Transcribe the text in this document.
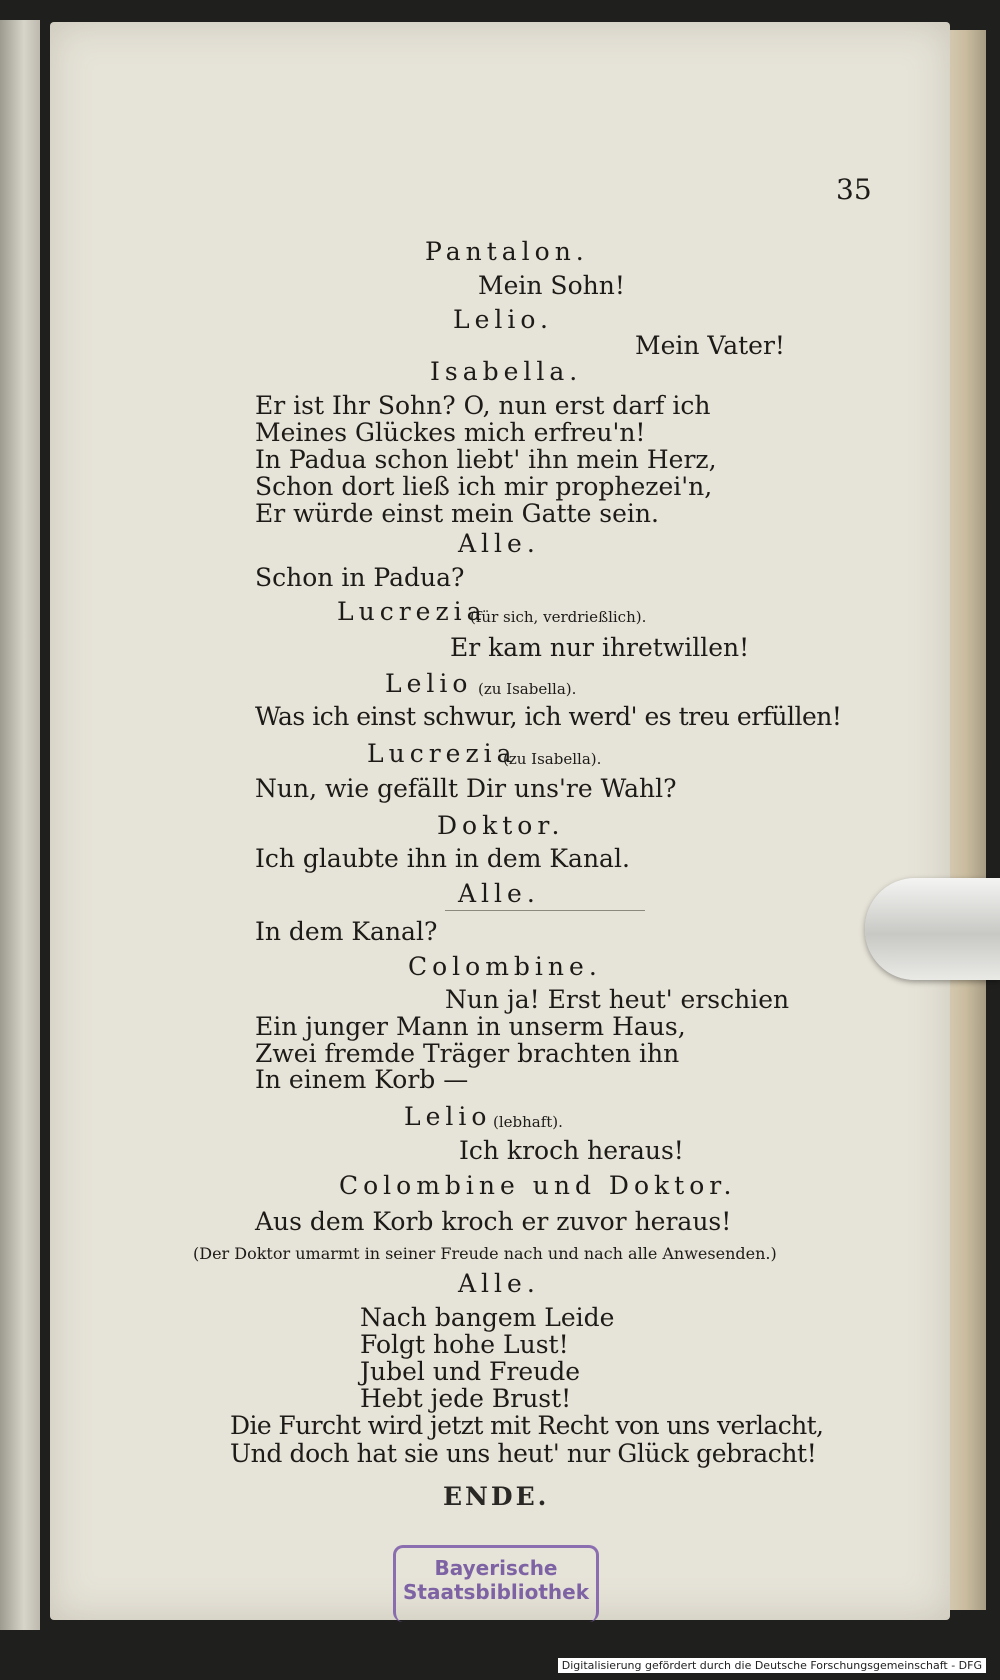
35
Pantalon.
Mein Sohn!
Lelio.
Mein Vater!
Isabella.
Er ist Ihr Sohn? O, nun erst darf ich
Meines Glückes mich erfreu'n!
In Padua schon liebt' ihn mein Herz,
Schon dort ließ ich mir prophezei'n,
Er würde einst mein Gatte sein.
Alle.
Schon in Padua?
Lucrezia
(für sich, verdrießlich).
Er kam nur ihretwillen!
Lelio (zu Isabella).
Was ich einst schwur, ich werd' es treu erfüllen!
Lucrezia
(zu Isabella).
Nun, wie gefällt Dir uns're Wahl?
Doktor.
Ich glaubte ihn in dem Kanal.
Alle.
In dem Kanal?
Colombine.
Nun ja! Erst heut' erschien
Ein junger Mann in unserm Haus,
Zwei fremde Träger brachten ihn
In einem Korb —
Lelio (lebhaft).
Ich kroch heraus!
Colombine und Doktor.
Aus dem Korb kroch er zuvor heraus!
(Der Doktor umarmt in seiner Freude nach und nach alle Anwesenden.)
Alle.
Nach bangem Leide
Folgt hohe Lust!
Jubel und Freude
Hebt jede Brust!
Die Furcht wird jetzt mit Recht von uns verlacht,
Und doch hat sie uns heut' nur Glück gebracht!
ENDE.
Bayerische Staatsbibliothek
Digitalisierung gefördert durch die Deutsche Forschungsgemeinschaft - DFG
